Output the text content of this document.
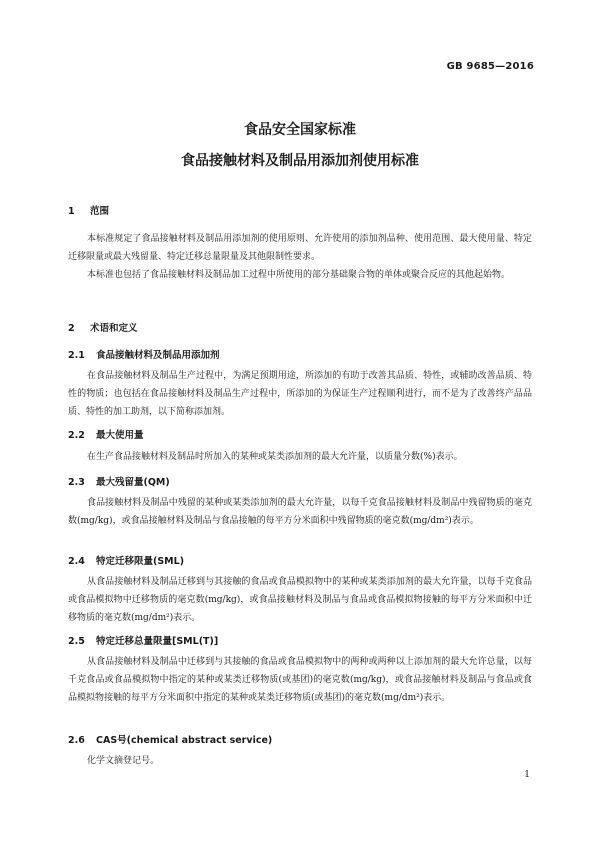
GB 9685—2016
食品安全国家标准
食品接触材料及制品用添加剂使用标准
1 范围

本标准规定了食品接触材料及制品用添加剂的使用原则、允许使用的添加剂品种、使用范围、最大使用量、特定迁移限量或最大残留量、特定迁移总量限量及其他限制性要求。

本标准也包括了食品接触材料及制品加工过程中所使用的部分基础聚合物的单体或聚合反应的其他起始物。

2 术语和定义
2.1 食品接触材料及制品用添加剂

在食品接触材料及制品生产过程中，为满足预期用途，所添加的有助于改善其品质、特性，或辅助改善品质、特性的物质；也包括在食品接触材料及制品生产过程中，所添加的为保证生产过程顺利进行，而不是为了改善终产品品质、特性的加工助剂，以下简称添加剂。

2.2 最大使用量

在生产食品接触材料及制品时所加入的某种或某类添加剂的最大允许量，以质量分数(%)表示。

2.3 最大残留量(QM)

食品接触材料及制品中残留的某种或某类添加剂的最大允许量，以每千克食品接触材料及制品中残留物质的毫克数(mg/kg)，或食品接触材料及制品与食品接触的每平方分米面积中残留物质的毫克数(mg/dm²)表示。

2.4 特定迁移限量(SML)

从食品接触材料及制品迁移到与其接触的食品或食品模拟物中的某种或某类添加剂的最大允许量，以每千克食品或食品模拟物中迁移物质的毫克数(mg/kg)，或食品接触材料及制品与食品或食品模拟物接触的每平方分米面积中迁移物质的毫克数(mg/dm²)表示。

2.5 特定迁移总量限量[SML(T)]

从食品接触材料及制品中迁移到与其接触的食品或食品模拟物中的两种或两种以上添加剂的最大允许总量，以每千克食品或食品模拟物中指定的某种或某类迁移物质(或基团)的毫克数(mg/kg)，或食品接触材料及制品与食品或食品模拟物接触的每平方分米面积中指定的某种或某类迁移物质(或基团)的毫克数(mg/dm²)表示。

2.6 CAS号(chemical abstract service)

化学文摘登记号。

1
